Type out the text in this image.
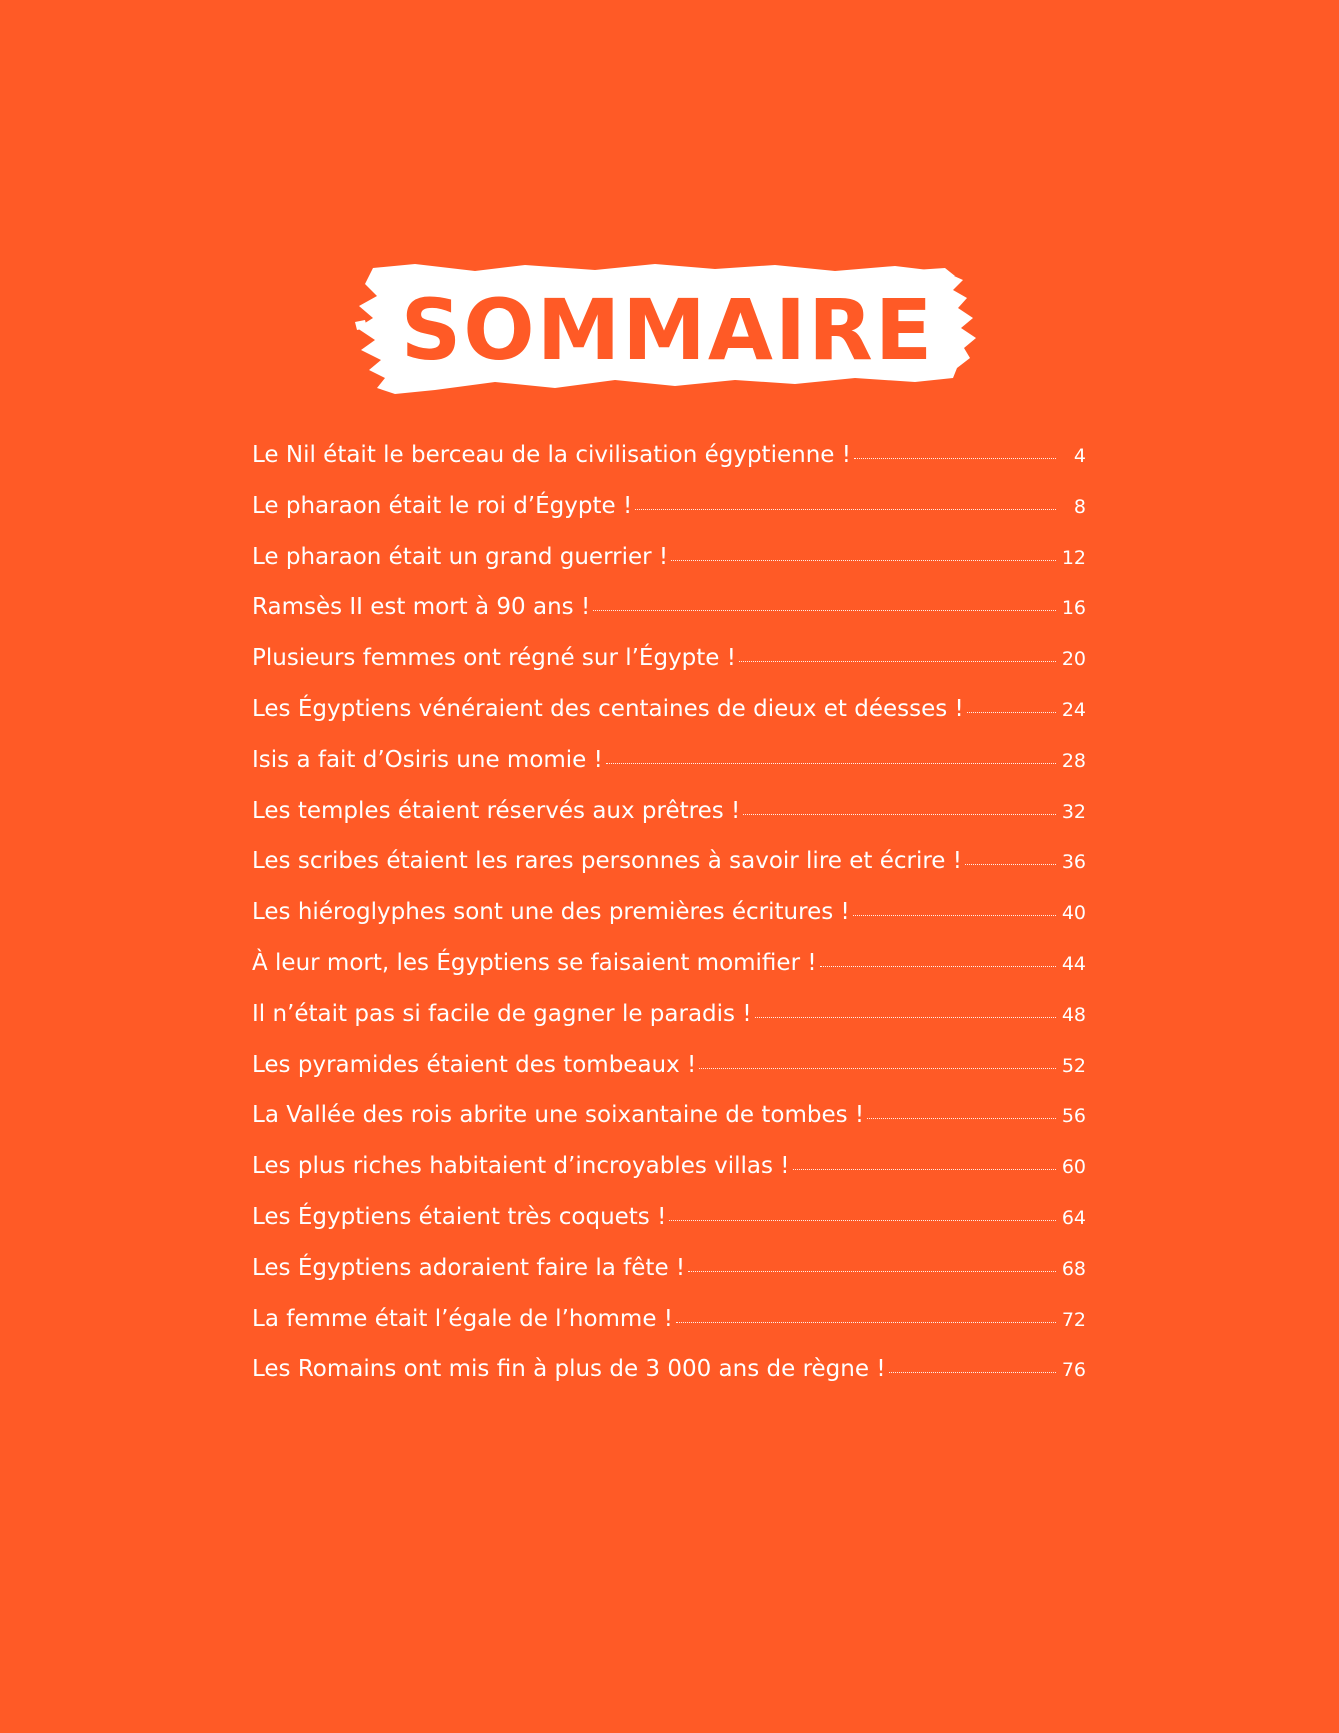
SOMMAIRE
Le Nil était le berceau de la civilisation égyptienne !	4
Le pharaon était le roi d’Égypte !	8
Le pharaon était un grand guerrier !	12
Ramsès II est mort à 90 ans !	16
Plusieurs femmes ont régné sur l’Égypte !	20
Les Égyptiens vénéraient des centaines de dieux et déesses !	24
Isis a fait d’Osiris une momie !	28
Les temples étaient réservés aux prêtres !	32
Les scribes étaient les rares personnes à savoir lire et écrire !	36
Les hiéroglyphes sont une des premières écritures !	40
À leur mort, les Égyptiens se faisaient momifier !	44
Il n’était pas si facile de gagner le paradis !	48
Les pyramides étaient des tombeaux !	52
La Vallée des rois abrite une soixantaine de tombes !	56
Les plus riches habitaient d’incroyables villas !	60
Les Égyptiens étaient très coquets !	64
Les Égyptiens adoraient faire la fête !	68
La femme était l’égale de l’homme !	72
Les Romains ont mis fin à plus de 3 000 ans de règne !	76
